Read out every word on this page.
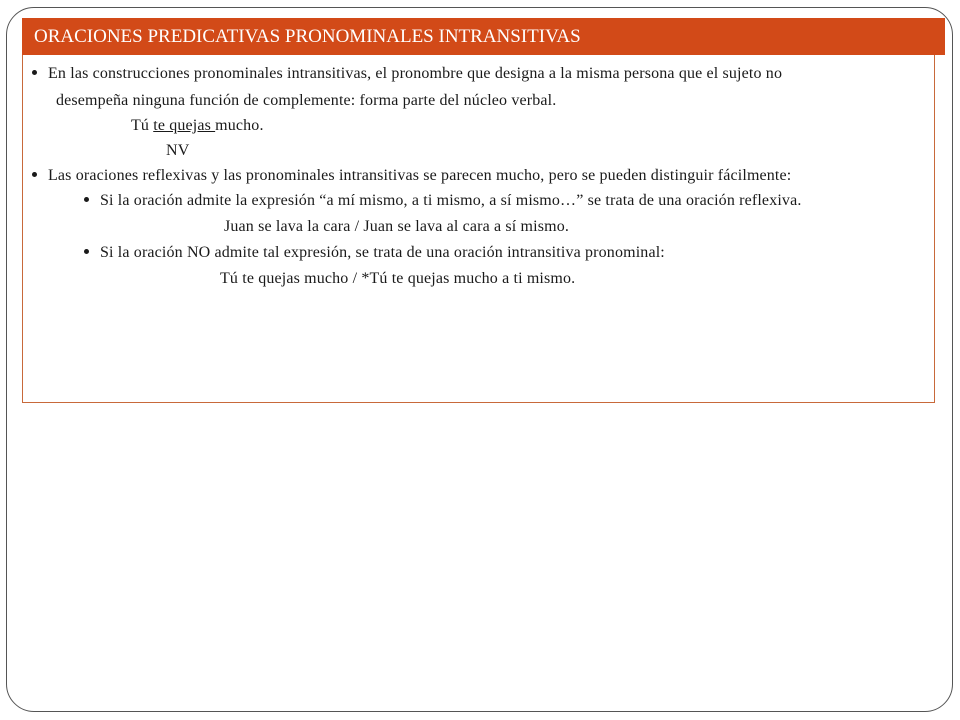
ORACIONES PREDICATIVAS PRONOMINALES INTRANSITIVAS
En las construcciones pronominales intransitivas, el pronombre que designa a la misma persona que el sujeto no
desempeña ninguna función de complemente: forma parte del núcleo verbal.
Tú te quejas mucho.
NV
Las oraciones reflexivas y las pronominales intransitivas se parecen mucho, pero se pueden distinguir fácilmente:
Si la oración admite la expresión “a mí mismo, a ti mismo, a sí mismo…” se trata de una oración reflexiva.
Juan se lava la cara / Juan se lava al cara a sí mismo.
Si la oración NO admite tal expresión, se trata de una oración intransitiva pronominal:
Tú te quejas mucho / *Tú te quejas mucho a ti mismo.
